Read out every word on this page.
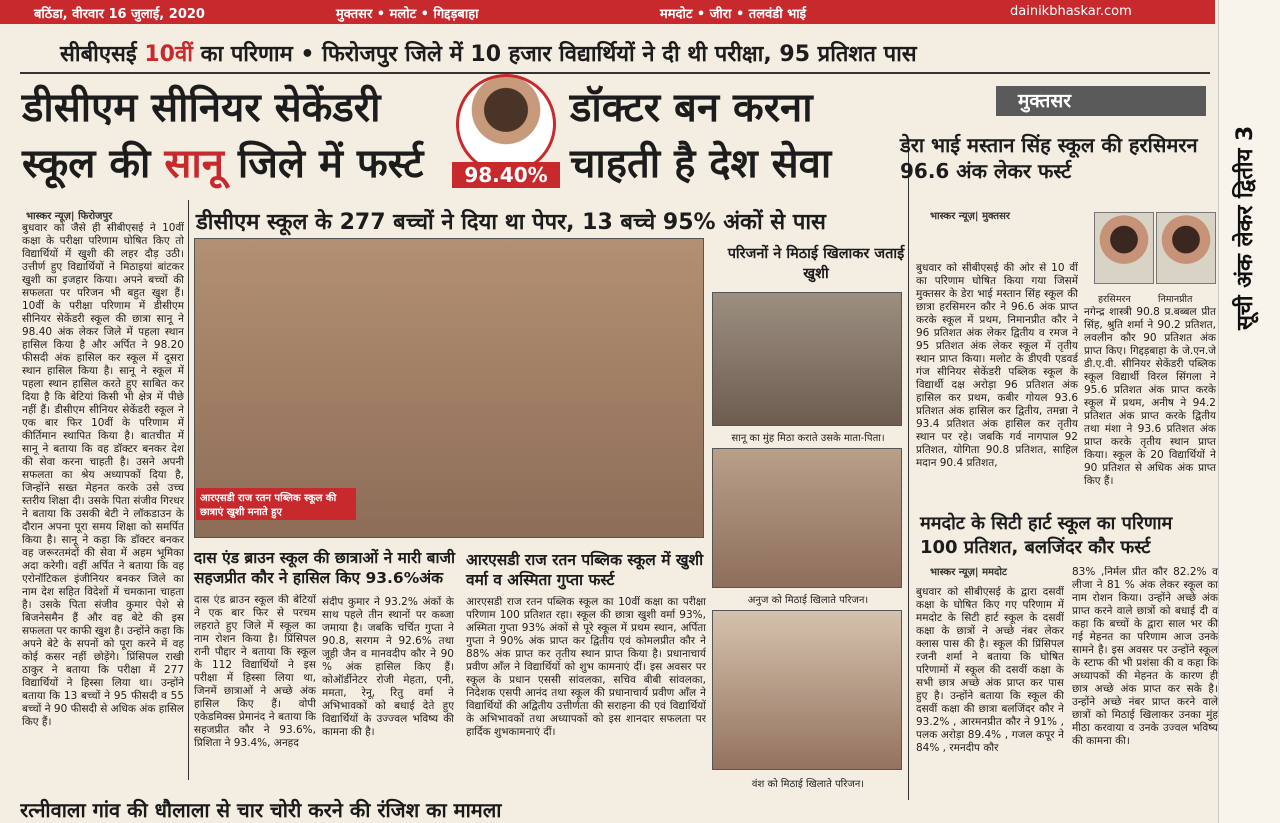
बठिंडा, वीरवार 16 जुलाई, 2020	मुक्तसर • मलोट • गिद्दड़बाहा	ममदोट • जीरा • तलवंडी भाई	dainikbhaskar.com
सीबीएसई 10वीं का परिणाम • फिरोजपुर जिले में 10 हजार विद्यार्थियों ने दी थी परीक्षा, 95 प्रतिशत पास
डीसीएम सीनियर सेकेंडरी
स्कूल की सानू जिले में फर्स्ट	98.40%
डॉक्टर बन करना
चाहती है देश सेवा
डीसीएम स्कूल के 277 बच्चों ने दिया था पेपर, 13 बच्चे 95% अंकों से पास
भास्कर न्यूज़| फिरोजपुर
बुधवार को जैसे ही सीबीएसई ने 10वीं कक्षा के परीक्षा परिणाम घोषित किए तो विद्यार्थियों में खुशी की लहर दौड़ उठी। उत्तीर्ण हुए विद्यार्थियों ने मिठाइयां बांटकर खुशी का इजहार किया। अपने बच्चों की सफलता पर परिजन भी बहुत खुश हैं। 10वीं के परीक्षा परिणाम में डीसीएम सीनियर सेकेंडरी स्कूल की छात्रा सानू ने 98.40 अंक लेकर जिले में पहला स्थान हासिल किया है और अर्पित ने 98.20 फीसदी अंक हासिल कर स्कूल में दूसरा स्थान हासिल किया है। सानू ने स्कूल में पहला स्थान हासिल करते हुए साबित कर दिया है कि बेटियां किसी भी क्षेत्र में पीछे नहीं हैं। डीसीएम सीनियर सेकेंडरी स्कूल ने एक बार फिर 10वीं के परिणाम में कीर्तिमान स्थापित किया है। बातचीत में सानू ने बताया कि वह डॉक्टर बनकर देश की सेवा करना चाहती है। उसने अपनी सफलता का श्रेय अध्यापकों दिया है, जिन्होंने सख्त मेहनत करके उसे उच्च स्तरीय शिक्षा दी। उसके पिता संजीव गिरधर ने बताया कि उसकी बेटी ने लॉकडाउन के दौरान अपना पूरा समय शिक्षा को समर्पित किया है। सानू ने कहा कि डॉक्टर बनकर वह जरूरतमंदों की सेवा में अहम भूमिका अदा करेगी। वहीं अर्पित ने बताया कि वह एरोनॉटिकल इंजीनियर बनकर जिले का नाम देश सहित विदेशों में चमकाना चाहता है। उसके पिता संजीव कुमार पेशे से बिजनेसमैन हैं और वह बेटे की इस सफलता पर काफी खुश है। उन्होंने कहा कि अपने बेटे के सपनों को पूरा करने में वह कोई कसर नहीं छोड़ेंगे। प्रिंसिपल राखी ठाकुर ने बताया कि परीक्षा में 277 विद्यार्थियों ने हिस्सा लिया था। उन्होंने बताया कि 13 बच्चों ने 95 फीसदी व 55 बच्चों ने 90 फीसदी से अधिक अंक हासिल किए हैं।
आरएसडी राज रतन पब्लिक स्कूल की छात्राएं खुशी मनाते हुए
परिजनों ने मिठाई खिलाकर जताई खुशी
सानू का मुंह मिठा कराते उसके माता-पिता।
अनुज को मिठाई खिलाते परिजन।
वंश को मिठाई खिलाते परिजन।
दास एंड ब्राउन स्कूल की छात्राओं ने मारी बाजी सहजप्रीत कौर ने हासिल किए 93.6%अंक
दास एंड ब्राउन स्कूल की बेटियों ने एक बार फिर से परचम लहराते हुए जिले में स्कूल का नाम रोशन किया है। प्रिंसिपल रानी पौद्दार ने बताया कि स्कूल के 112 विद्यार्थियों ने इस परीक्षा में हिस्सा लिया था, जिनमें छात्राओं ने अच्छे अंक हासिल किए हैं। वोपी एकेडमिक्स प्रेमानंद ने बताया कि सहजप्रीत कौर ने 93.6%, प्रिशिता ने 93.4%, अनहद
संदीप कुमार ने 93.2% अंकों के साथ पहले तीन स्थानों पर कब्जा जमाया है। जबकि चर्चित गुप्ता ने 90.8, सरगम ने 92.6% तथा जूही जैन व मानवदीप कौर ने 90 % अंक हासिल किए हैं। कोऑर्डीनेटर रोजी मेहता, एनी, ममता, रेनू, रितु वर्मा ने अभिभावकों को बधाई देते हुए विद्यार्थियों के उज्ज्वल भविष्य की कामना की है।
आरएसडी राज रतन पब्लिक स्कूल में खुशी वर्मा व अस्मिता गुप्ता फर्स्ट
आरएसडी राज रतन पब्लिक स्कूल का 10वीं कक्षा का परीक्षा परिणाम 100 प्रतिशत रहा। स्कूल की छात्रा खुशी वर्मा 93%, अस्मिता गुप्ता 93% अंकों से पूरे स्कूल में प्रथम स्थान, अर्पिता गुप्ता ने 90% अंक प्राप्त कर द्वितीय एवं कोमलप्रीत कौर ने 88% अंक प्राप्त कर तृतीय स्थान प्राप्त किया है। प्रधानाचार्य प्रवीण आँल ने विद्यार्थियों को शुभ कामनाएं दीं। इस अवसर पर स्कूल के प्रधान एससी सांवलका, सचिव बीबी सांवलका, निदेशक एसपी आनंद तथा स्कूल की प्रधानाचार्य प्रवीण आँल ने विद्यार्थियों की अद्वितीय उत्तीर्णता की सराहना की एवं विद्यार्थियों के अभिभावकों तथा अध्यापकों को इस शानदार सफलता पर हार्दिक शुभकामनाएं दीं।
मुक्तसर
डेरा भाई मस्तान सिंह स्कूल की हरसिमरन 96.6 अंक लेकर फर्स्ट
भास्कर न्यूज़| मुक्तसर
बुधवार को सीबीएसई की ओर से 10 वीं का परिणाम घोषित किया गया जिसमें मुक्तसर के डेरा भाई मस्तान सिंह स्कूल की छात्रा हरसिमरन कौर ने 96.6 अंक प्राप्त करके स्कूल में प्रथम, निमानप्रीत कौर ने 96 प्रतिशत अंक लेकर द्वितीय व रमज ने 95 प्रतिशत अंक लेकर स्कूल में तृतीय स्थान प्राप्त किया। मलोट के डीएवी एडवर्ड गंज सीनियर सेकेंडरी पब्लिक स्कूल के विद्यार्थी दक्ष अरोड़ा 96 प्रतिशत अंक हासिल कर प्रथम, कबीर गोयल 93.6 प्रतिशत अंक हासिल कर द्वितीय, तमन्ना ने 93.4 प्रतिशत अंक हासिल कर तृतीय स्थान पर रहे। जबकि गर्व नागपाल 92 प्रतिशत, योगिता 90.8 प्रतिशत, साहिल मदान 90.4 प्रतिशत,
हरसिमरन	निमानप्रीत
नगेन्द्र शास्त्री 90.8 प्र.बब्बल प्रीत सिंह, श्रुति शर्मा ने 90.2 प्रतिशत, लवलीन कौर 90 प्रतिशत अंक प्राप्त किए। गिद्दड़बाहा के जे.एन.जे डी.ए.वी. सीनियर सेकेंडरी पब्लिक स्कूल विद्यार्थी विरल सिंगला ने 95.6 प्रतिशत अंक प्राप्त करके स्कूल में प्रथम, अनीष ने 94.2 प्रतिशत अंक प्राप्त करके द्वितीय तथा मंशा ने 93.6 प्रतिशत अंक प्राप्त करके तृतीय स्थान प्राप्त किया। स्कूल के 20 विद्यार्थियों ने 90 प्रतिशत से अधिक अंक प्राप्त किए हैं।
ममदोट के सिटी हार्ट स्कूल का परिणाम 100 प्रतिशत, बलजिंदर कौर फर्स्ट
भास्कर न्यूज़| ममदोट
बुधवार को सीबीएसई के द्वारा दसवीं कक्षा के घोषित किए गए परिणाम में ममदोट के सिटी हार्ट स्कूल के दसवीं कक्षा के छात्रों ने अच्छे नंबर लेकर क्लास पास की है। स्कूल की प्रिंसिपल रजनी शर्मा ने बताया कि घोषित परिणामों में स्कूल की दसवीं कक्षा के सभी छात्र अच्छे अंक प्राप्त कर पास हुए है। उन्होंने बताया कि स्कूल की दसवीं कक्षा की छात्रा बलजिंदर कौर ने 93.2% , आरमनप्रीत कौर ने 91% , पलक अरोड़ा 89.4% , गजल कपूर ने 84% , रमनदीप कौर
83% ,निर्मल प्रीत कौर 82.2% व लीजा ने 81 % अंक लेकर स्कूल का नाम रोशन किया। उन्होंने अच्छे अंक प्राप्त करने वाले छात्रों को बधाई दी व कहा कि बच्चों के द्वारा साल भर की गई मेहनत का परिणाम आज उनके सामने है। इस अवसर पर उन्होंने स्कूल के स्टाफ की भी प्रशंसा की व कहा कि अध्यापकों की मेहनत के कारण ही छात्र अच्छे अंक प्राप्त कर सके है। उन्होंने अच्छे नंबर प्राप्त करने वाले छात्रों को मिठाई खिलाकर उनका मुंह मीठा करवाया व उनके उज्वल भविष्य की कामना की।
सूची अंक लेकर द्वितीय 3
रत्नीवाला गांव की धौलाला से चार चोरी करने की रंजिश का मामला
